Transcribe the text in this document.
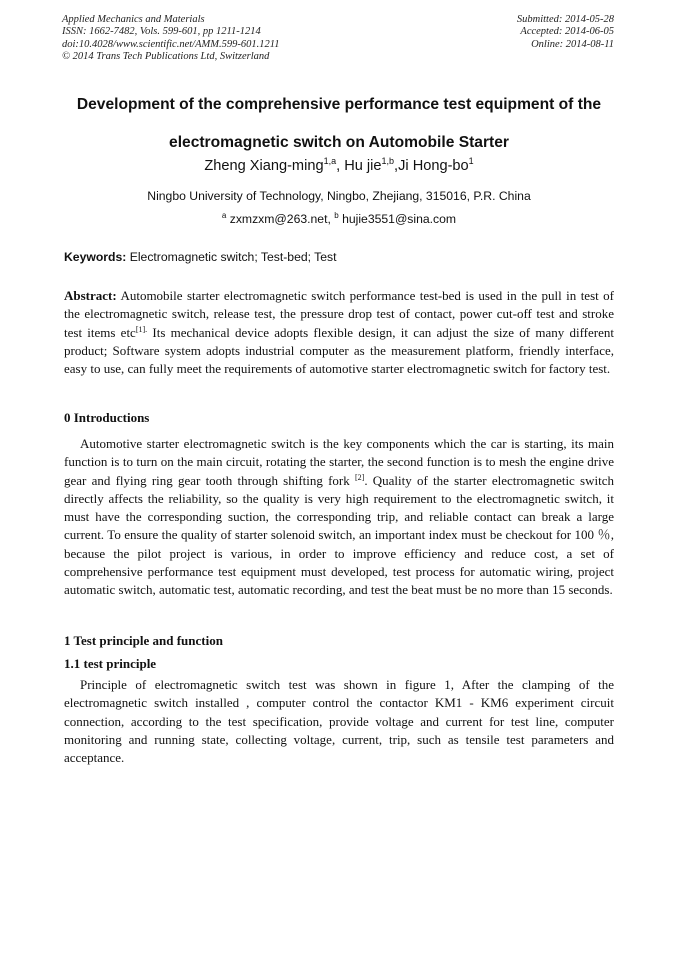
Applied Mechanics and Materials
ISSN: 1662-7482, Vols. 599-601, pp 1211-1214
doi:10.4028/www.scientific.net/AMM.599-601.1211
© 2014 Trans Tech Publications Ltd, Switzerland
Submitted: 2014-05-28
Accepted: 2014-06-05
Online: 2014-08-11
Development of the comprehensive performance test equipment of the
electromagnetic switch on Automobile Starter
Zheng Xiang-ming$^{1,a}$, Hu jie$^{1,b}$,Ji Hong-$bo^1$
Ningbo University of Technology, Ningbo, Zhejiang, 315016, P.R. China
$^a$ zxmzxm@263.net, $^b$ hujie3551@sina.com
Keywords: Electromagnetic switch; Test-bed; Test
Abstract: Automobile starter electromagnetic switch performance test-bed is used in the pull in test of the electromagnetic switch, release test, the pressure drop test of contact, power cut-off test and stroke test items etc$^{[1].}$ Its mechanical device adopts flexible design, it can adjust the size of many different product; Software system adopts industrial computer as the measurement platform, friendly interface, easy to use, can fully meet the requirements of automotive starter electromagnetic switch for factory test.
0 Introductions
Automotive starter electromagnetic switch is the key components which the car is starting, its main function is to turn on the main circuit, rotating the starter, the second function is to mesh the engine drive gear and flying ring gear tooth through shifting fork [2]. Quality of the starter electromagnetic switch directly affects the reliability, so the quality is very high requirement to the electromagnetic switch, it must have the corresponding suction, the corresponding trip, and reliable contact can break a large current. To ensure the quality of starter solenoid switch, an important index must be checkout for 100 ％, because the pilot project is various, in order to improve efficiency and reduce cost, a set of comprehensive performance test equipment must developed, test process for automatic wiring, project automatic switch, automatic test, automatic recording, and test the beat must be no more than 15 seconds.
1 Test principle and function
1.1 test principle
Principle of electromagnetic switch test was shown in figure 1, After the clamping of the electromagnetic switch installed , computer control the contactor KM1 - KM6 experiment circuit connection, according to the test specification, provide voltage and current for test line, computer monitoring and running state, collecting voltage, current, trip, such as tensile test parameters and acceptance.
